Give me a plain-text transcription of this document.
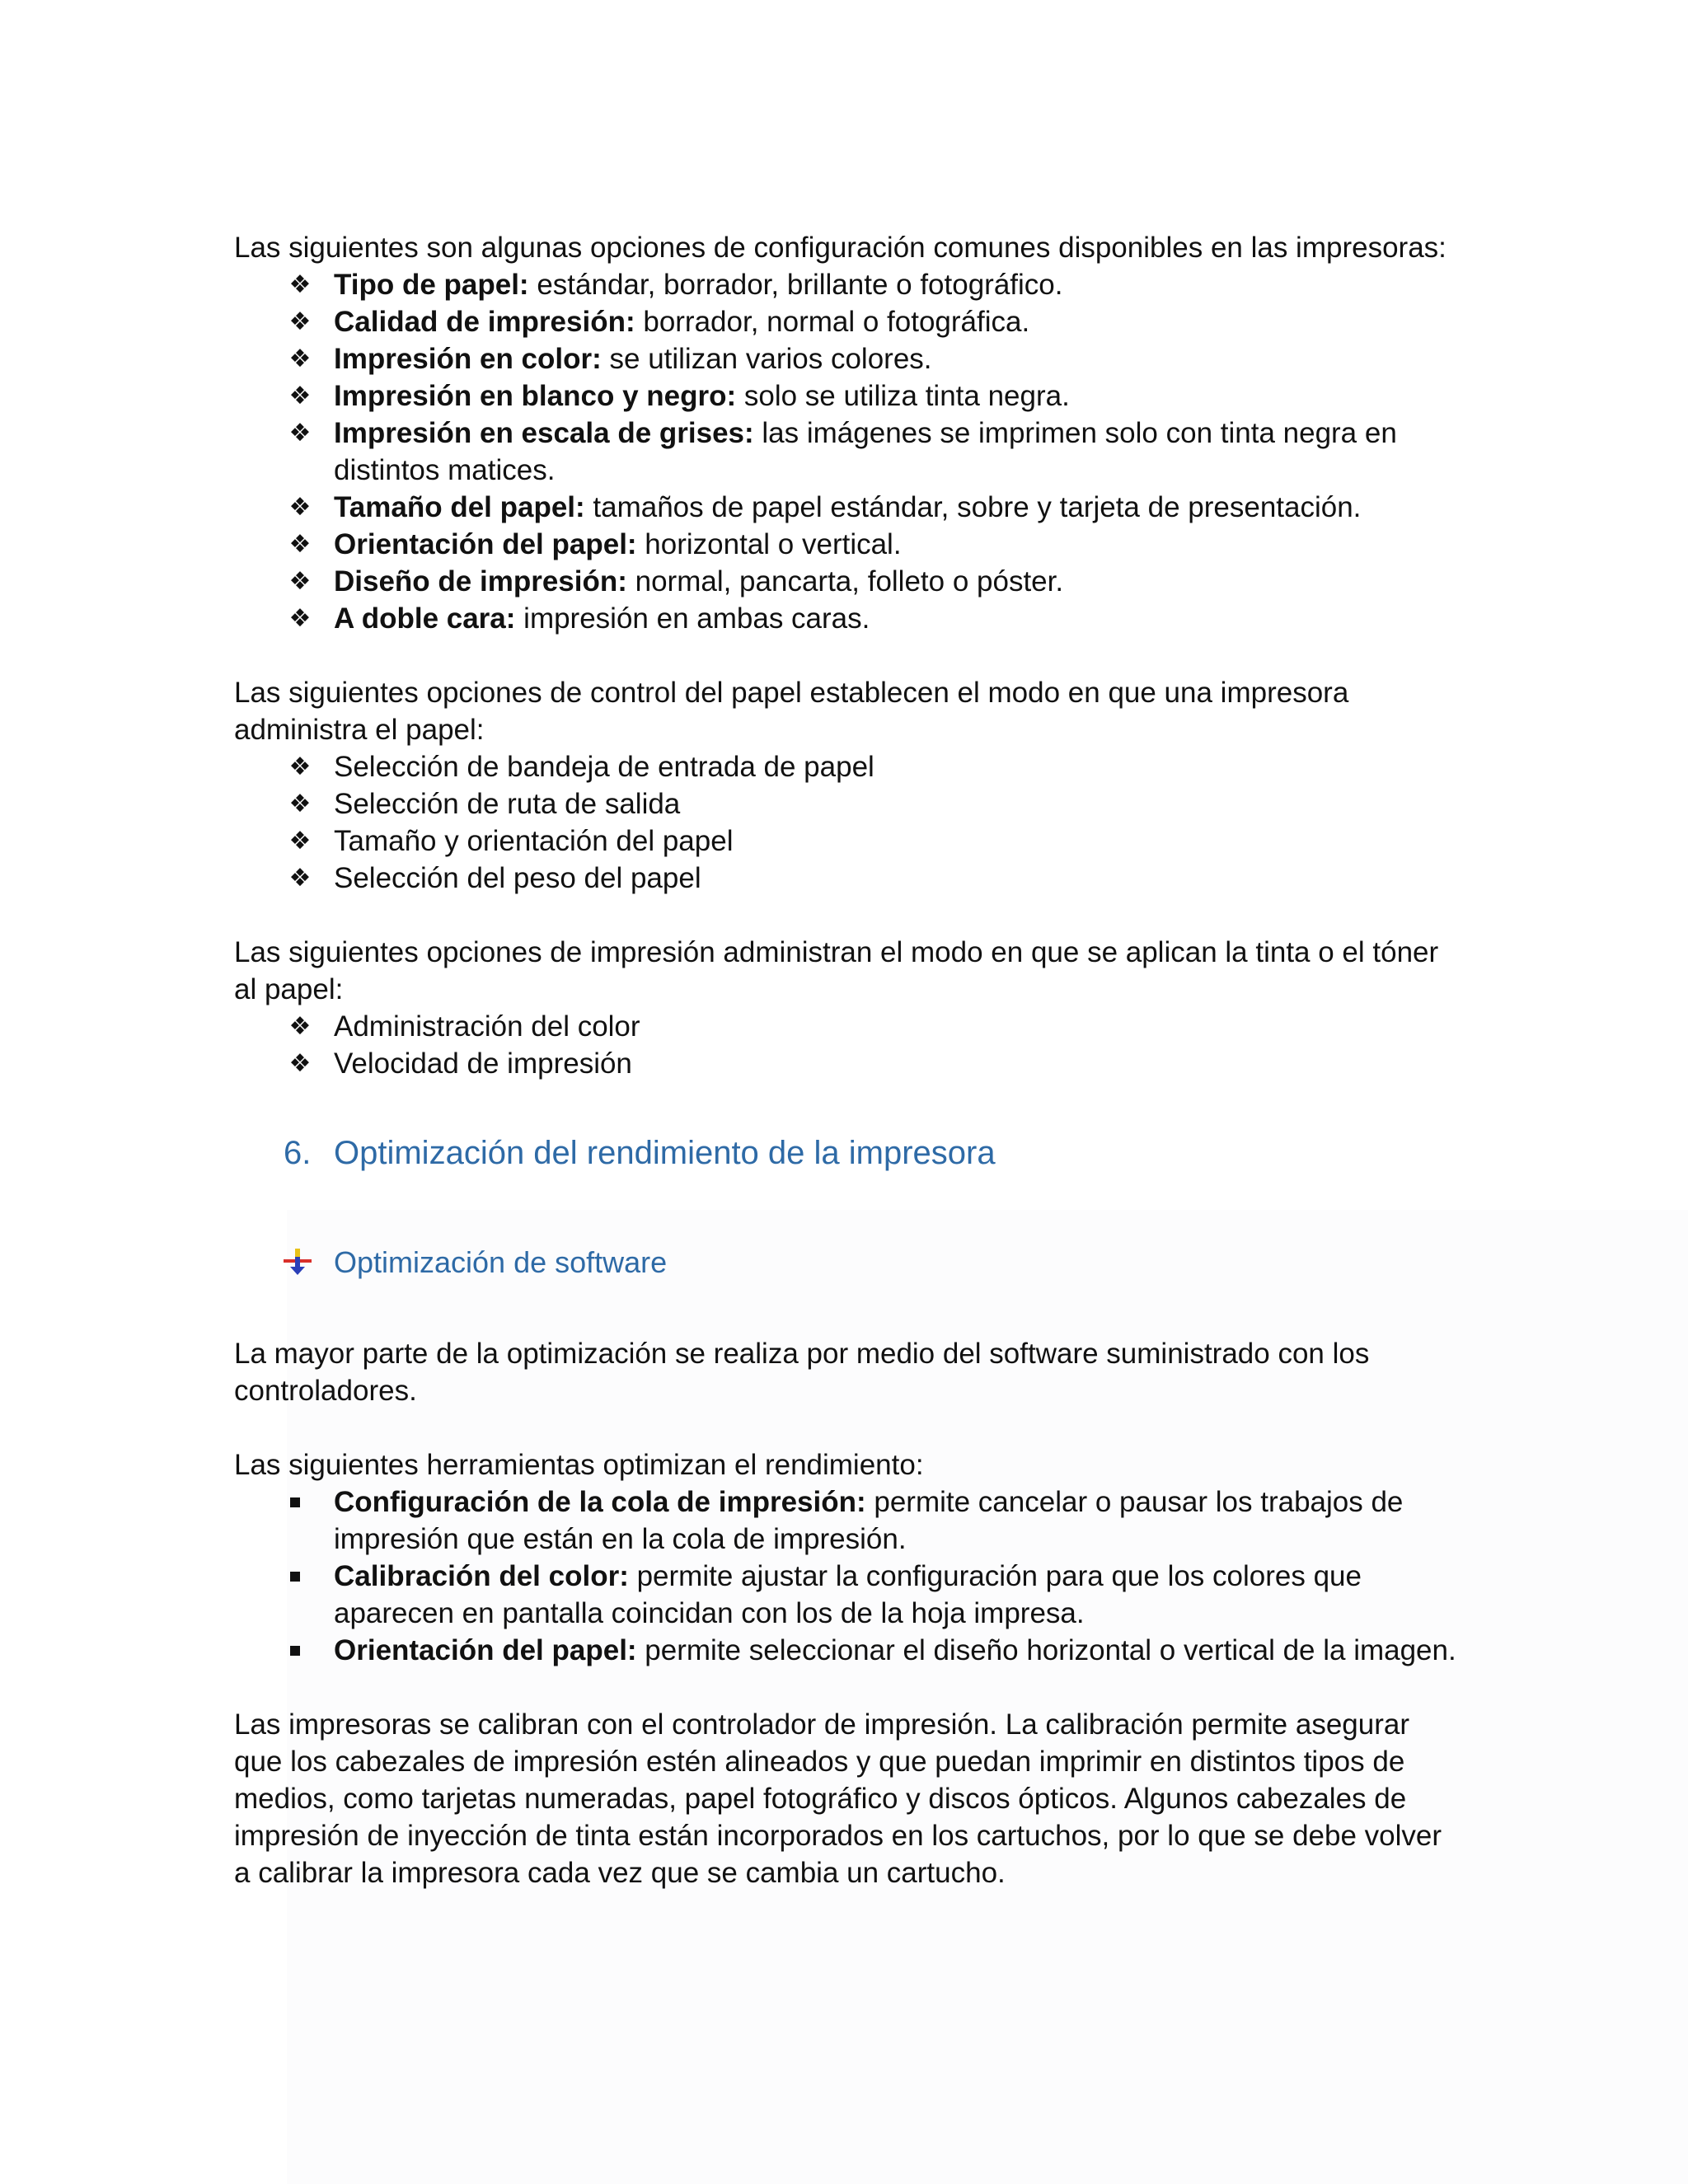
Las siguientes son algunas opciones de configuración comunes disponibles en las impresoras:

❖ Tipo de papel: estándar, borrador, brillante o fotográfico.
❖ Calidad de impresión: borrador, normal o fotográfica.
❖ Impresión en color: se utilizan varios colores.
❖ Impresión en blanco y negro: solo se utiliza tinta negra.
❖ Impresión en escala de grises: las imágenes se imprimen solo con tinta negra en distintos matices.
❖ Tamaño del papel: tamaños de papel estándar, sobre y tarjeta de presentación.
❖ Orientación del papel: horizontal o vertical.
❖ Diseño de impresión: normal, pancarta, folleto o póster.
❖ A doble cara: impresión en ambas caras.

Las siguientes opciones de control del papel establecen el modo en que una impresora administra el papel:

❖ Selección de bandeja de entrada de papel
❖ Selección de ruta de salida
❖ Tamaño y orientación del papel
❖ Selección del peso del papel

Las siguientes opciones de impresión administran el modo en que se aplican la tinta o el tóner al papel:

❖ Administración del color
❖ Velocidad de impresión
6. Optimización del rendimiento de la impresora
Optimización de software

La mayor parte de la optimización se realiza por medio del software suministrado con los controladores.

Las siguientes herramientas optimizan el rendimiento:

Configuración de la cola de impresión: permite cancelar o pausar los trabajos de impresión que están en la cola de impresión.
Calibración del color: permite ajustar la configuración para que los colores que aparecen en pantalla coincidan con los de la hoja impresa.
Orientación del papel: permite seleccionar el diseño horizontal o vertical de la imagen.

Las impresoras se calibran con el controlador de impresión. La calibración permite asegurar que los cabezales de impresión estén alineados y que puedan imprimir en distintos tipos de medios, como tarjetas numeradas, papel fotográfico y discos ópticos. Algunos cabezales de impresión de inyección de tinta están incorporados en los cartuchos, por lo que se debe volver a calibrar la impresora cada vez que se cambia un cartucho.
